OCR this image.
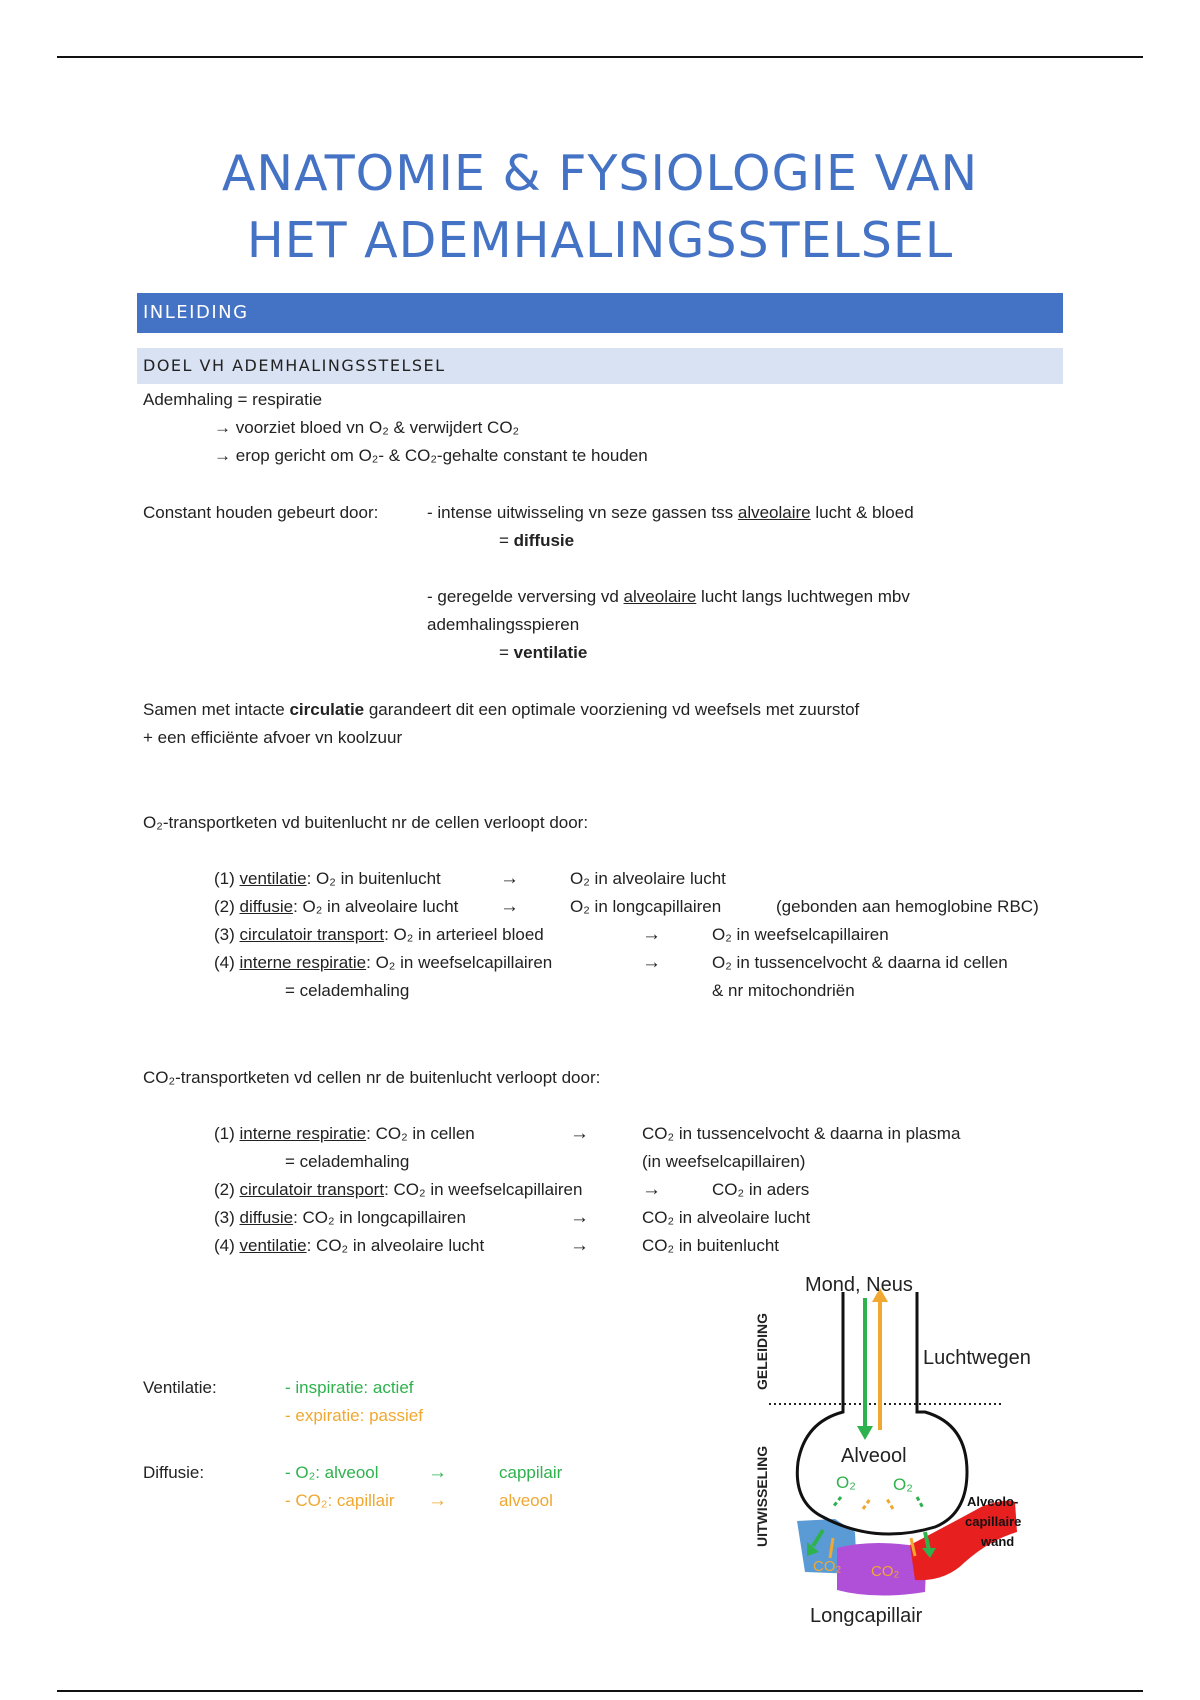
ANATOMIE & FYSIOLOGIE VAN
HET ADEMHALINGSSTELSEL
INLEIDING
DOEL VH ADEMHALINGSSTELSEL
Ademhaling = respiratie
→ voorziet bloed vn O₂ & verwijdert CO₂
→ erop gericht om O₂- & CO₂-gehalte constant te houden
Constant houden gebeurt door:	- intense uitwisseling vn seze gassen tss alveolaire lucht & bloed
= diffusie
- geregelde verversing vd alveolaire lucht langs luchtwegen mbv
ademhalingsspieren
= ventilatie
Samen met intacte circulatie garandeert dit een optimale voorziening vd weefsels met zuurstof
+ een efficiënte afvoer vn koolzuur
O₂-transportketen vd buitenlucht nr de cellen verloopt door:
(1) ventilatie: O₂ in buitenlucht	→	O₂ in alveolaire lucht
(2) diffusie: O₂ in alveolaire lucht →	O₂ in longcapillairen	(gebonden aan hemoglobine RBC)
(3) circulatoir transport: O₂ in arterieel bloed	→	O₂ in weefselcapillairen
(4) interne respiratie: O₂ in weefselcapillairen	→	O₂ in tussencelvocht & daarna id cellen
= celademhaling	& nr mitochondriën
CO₂-transportketen vd cellen nr de buitenlucht verloopt door:
(1) interne respiratie: CO₂ in cellen	→	CO₂ in tussencelvocht & daarna in plasma
= celademhaling	(in weefselcapillairen)
(2) circulatoir transport: CO₂ in weefselcapillairen	→	CO₂ in aders
(3) diffusie: CO₂ in longcapillairen	→	CO₂ in alveolaire lucht
(4) ventilatie: CO₂ in alveolaire lucht	→	CO₂ in buitenlucht
Ventilatie:	- inspiratie: actief
- expiratie: passief
Diffusie:	- O₂: alveool	→	cappilair
- CO₂: capillair →	alveool
Mond, Neus
Luchtwegen
GELEIDING
UITWISSELING	Alveool
O₂ O₂
CO₂ CO₂
Alveolo-
capillaire
wand
Longcapillair
